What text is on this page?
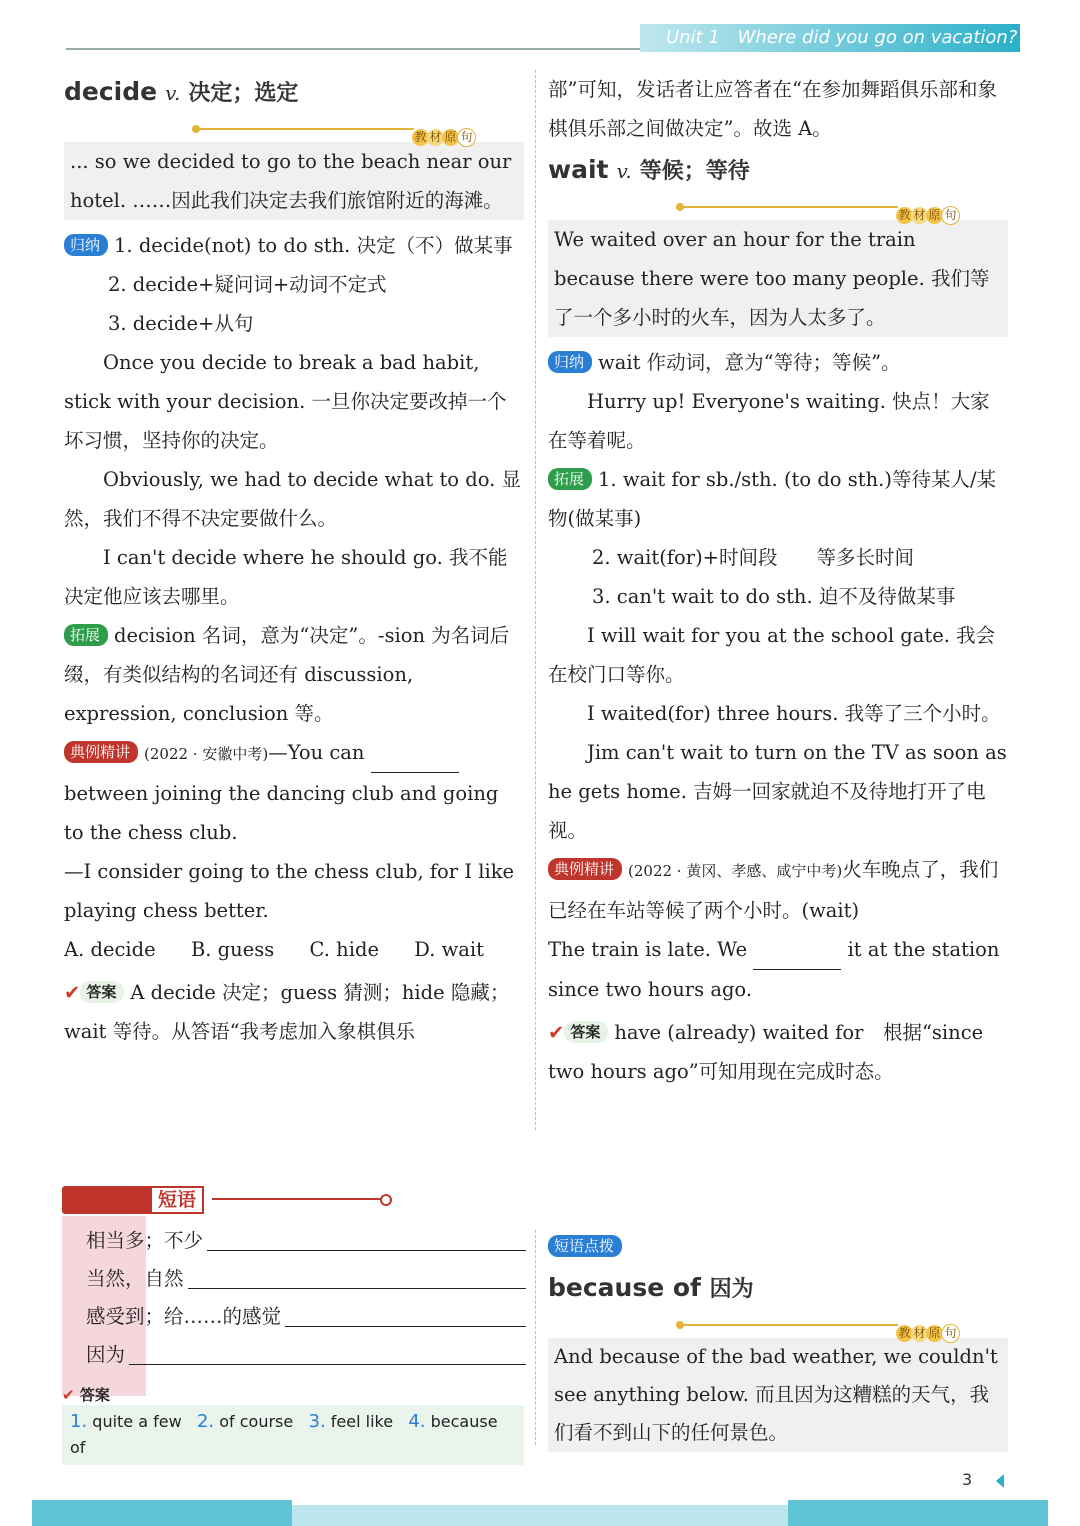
Unit 1 Where did you go on vacation?
decide v. 决定；选定
教 材 原 句

... so we decided to go to the beach near our hotel. ……因此我们决定去我们旅馆附近的海滩。

归纳 1. decide(not) to do sth. 决定（不）做某事

2. decide+疑问词+动词不定式

3. decide+从句

Once you decide to break a bad habit, stick with your decision. 一旦你决定要改掉一个坏习惯，坚持你的决定。

Obviously, we had to decide what to do. 显然，我们不得不决定要做什么。

I can't decide where he should go. 我不能决定他应该去哪里。

拓展 decision 名词，意为“决定”。-sion 为名词后缀，有类似结构的名词还有 discussion, expression, conclusion 等。

典例精讲 (2022 · 安徽中考)—You can   between joining the dancing club and going to the chess club.

—I consider going to the chess club, for I like playing chess better.

A. decide B. guess C. hide D. wait

✔ 答案 A decide 决定；guess 猜测；hide 隐藏；wait 等待。从答语“我考虑加入象棋俱乐

部”可知，发话者让应答者在“在参加舞蹈俱乐部和象棋俱乐部之间做决定”。故选 A。

wait v. 等候；等待
教 材 原 句

We waited over an hour for the train because there were too many people. 我们等了一个多小时的火车，因为人太多了。

归纳 wait 作动词，意为“等待；等候”。

Hurry up! Everyone's waiting. 快点！大家在等着呢。

拓展 1. wait for sb./sth. (to do sth.)等待某人/某物(做某事)

2. wait(for)+时间段　　等多长时间

3. can't wait to do sth. 迫不及待做某事

I will wait for you at the school gate. 我会在校门口等你。

I waited(for) three hours. 我等了三个小时。

Jim can't wait to turn on the TV as soon as he gets home. 吉姆一回家就迫不及待地打开了电视。

典例精讲 (2022 · 黄冈、孝感、咸宁中考)火车晚点了，我们已经在车站等候了两个小时。(wait)

The train is late. We	it at the station since two hours ago.

✔ 答案 have (already) waited for　根据“since two hours ago”可知用现在完成时态。

短语
相当多；不少
当然，自然
感受到；给……的感觉
因为
✔ 答案
1. quite a few 2. of course 3. feel like 4. because of

短语点拨

because of 因为
教 材 原 句

And because of the bad weather, we couldn't see anything below. 而且因为这糟糕的天气，我们看不到山下的任何景色。

3
